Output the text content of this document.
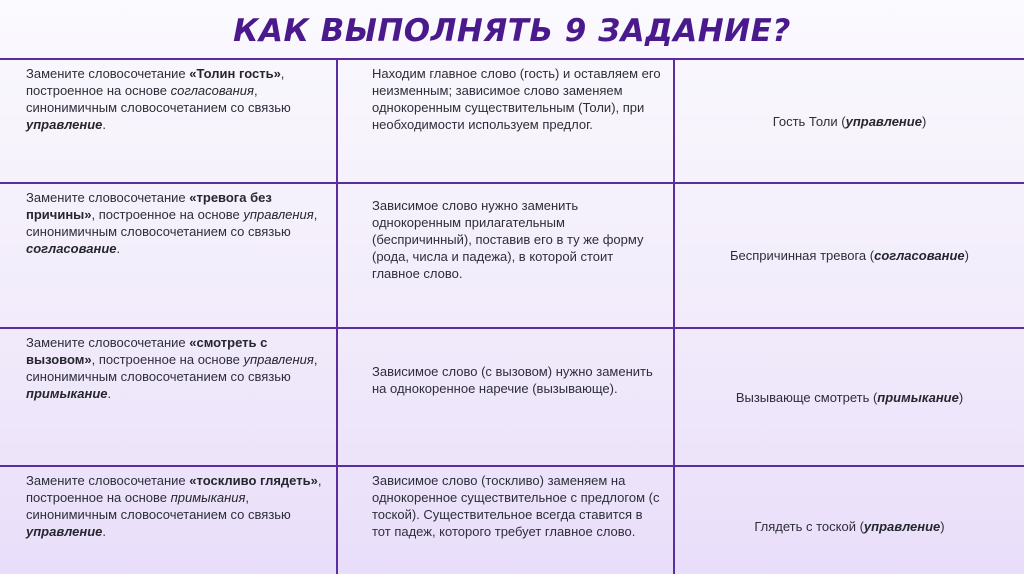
КАК ВЫПОЛНЯТЬ 9 ЗАДАНИЕ?
Замените словосочетание «Толин гость», построенное на основе согласования, синонимичным словосочетанием со связью управление.	Находим главное слово (гость) и оставляем его неизменным; зависимое слово заменяем однокоренным существительным (Толи), при необходимости используем предлог.	Гость Толи (управление)
Замените словосочетание «тревога без причины», построенное на основе управления, синонимичным словосочетанием со связью согласование.	Зависимое слово нужно заменить однокоренным прилагательным (беспричинный), поставив его в ту же форму (рода, числа и падежа), в которой стоит главное слово.	Беспричинная тревога (согласование)
Замените словосочетание «смотреть с вызовом», построенное на основе управления, синонимичным словосочетанием со связью примыкание.	Зависимое слово (с вызовом) нужно заменить на однокоренное наречие (вызывающе).	Вызывающе смотреть (примыкание)
Замените словосочетание «тоскливо глядеть», построенное на основе примыкания, синонимичным словосочетанием со связью управление.	Зависимое слово (тоскливо) заменяем на однокоренное существительное с предлогом (с тоской). Существительное всегда ставится в тот падеж, которого требует главное слово.	Глядеть с тоской (управление)
